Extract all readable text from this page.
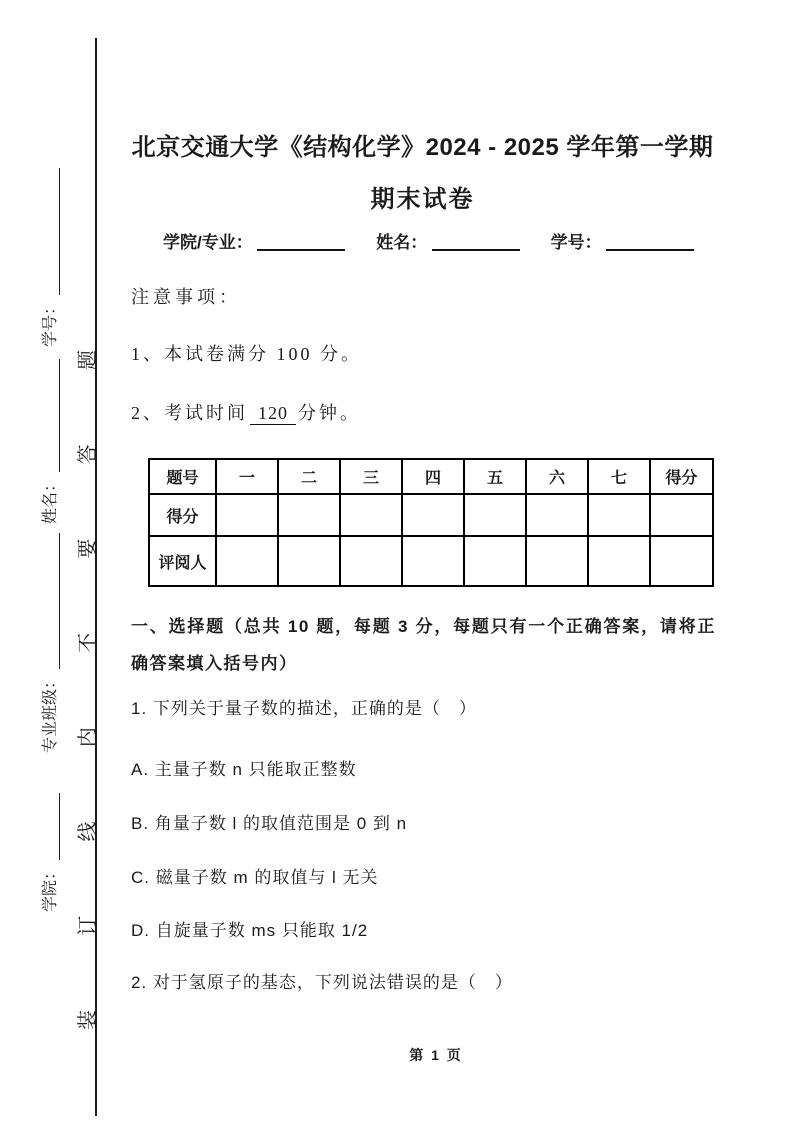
学院：
专业班级：
姓名：
学号：
装
订
线
内
不
要
答
题
北京交通大学《结构化学》2024 - 2025 学年第一学期
期末试卷
学院/专业：	姓名：	学号：
注意事项：
1、本试卷满分 100 分。
2、考试时间 120 分钟。
题号	一	二	三	四	五	六	七	得分
得分								
评阅人								
一、选择题（总共 10 题，每题 3 分，每题只有一个正确答案，请将正确答案填入括号内）
1. 下列关于量子数的描述，正确的是（　）
A. 主量子数 n 只能取正整数
B. 角量子数 l 的取值范围是 0 到 n
C. 磁量子数 m 的取值与 l 无关
D. 自旋量子数 ms 只能取 1/2
2. 对于氢原子的基态，下列说法错误的是（　）
第 1 页
